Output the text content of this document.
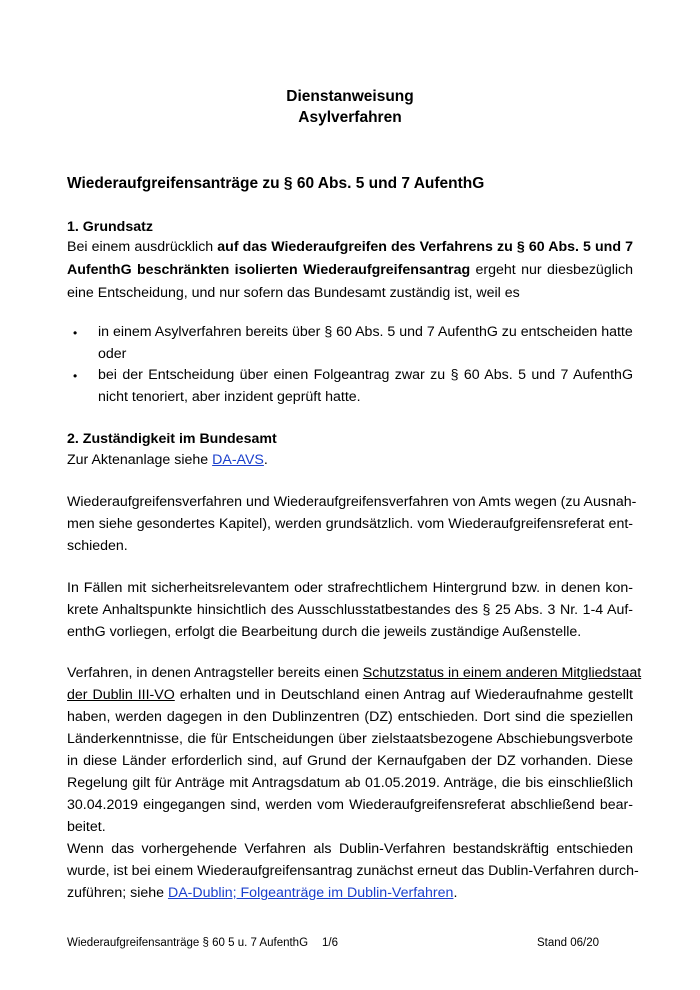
Dienstanweisung
Asylverfahren
Wiederaufgreifensanträge zu § 60 Abs. 5 und 7 AufenthG
1. Grundsatz
Bei einem ausdrücklich auf das Wiederaufgreifen des Verfahrens zu § 60 Abs. 5 und 7
AufenthG beschränkten isolierten Wiederaufgreifensantrag ergeht nur diesbezüglich
eine Entscheidung, und nur sofern das Bundesamt zuständig ist, weil es
• in einem Asylverfahren bereits über § 60 Abs. 5 und 7 AufenthG zu entscheiden hatte
oder
• bei der Entscheidung über einen Folgeantrag zwar zu § 60 Abs. 5 und 7 AufenthG
nicht tenoriert, aber inzident geprüft hatte.
2. Zuständigkeit im Bundesamt
Zur Aktenanlage siehe DA-AVS.
Wiederaufgreifensverfahren und Wiederaufgreifensverfahren von Amts wegen (zu Ausnah-
men siehe gesondertes Kapitel), werden grundsätzlich. vom Wiederaufgreifensreferat ent-
schieden.
In Fällen mit sicherheitsrelevantem oder strafrechtlichem Hintergrund bzw. in denen kon-
krete Anhaltspunkte hinsichtlich des Ausschlusstatbestandes des § 25 Abs. 3 Nr. 1-4 Auf-
enthG vorliegen, erfolgt die Bearbeitung durch die jeweils zuständige Außenstelle.
Verfahren, in denen Antragsteller bereits einen Schutzstatus in einem anderen Mitgliedstaat
der Dublin III-VO erhalten und in Deutschland einen Antrag auf Wiederaufnahme gestellt
haben, werden dagegen in den Dublinzentren (DZ) entschieden. Dort sind die speziellen
Länderkenntnisse, die für Entscheidungen über zielstaatsbezogene Abschiebungsverbote
in diese Länder erforderlich sind, auf Grund der Kernaufgaben der DZ vorhanden. Diese
Regelung gilt für Anträge mit Antragsdatum ab 01.05.2019. Anträge, die bis einschließlich
30.04.2019 eingegangen sind, werden vom Wiederaufgreifensreferat abschließend bear-
beitet.
Wenn das vorhergehende Verfahren als Dublin-Verfahren bestandskräftig entschieden
wurde, ist bei einem Wiederaufgreifensantrag zunächst erneut das Dublin-Verfahren durch-
zuführen; siehe DA-Dublin; Folgeanträge im Dublin-Verfahren.
Wiederaufgreifensanträge § 60 5 u. 7 AufenthG 1/6	Stand 06/20
